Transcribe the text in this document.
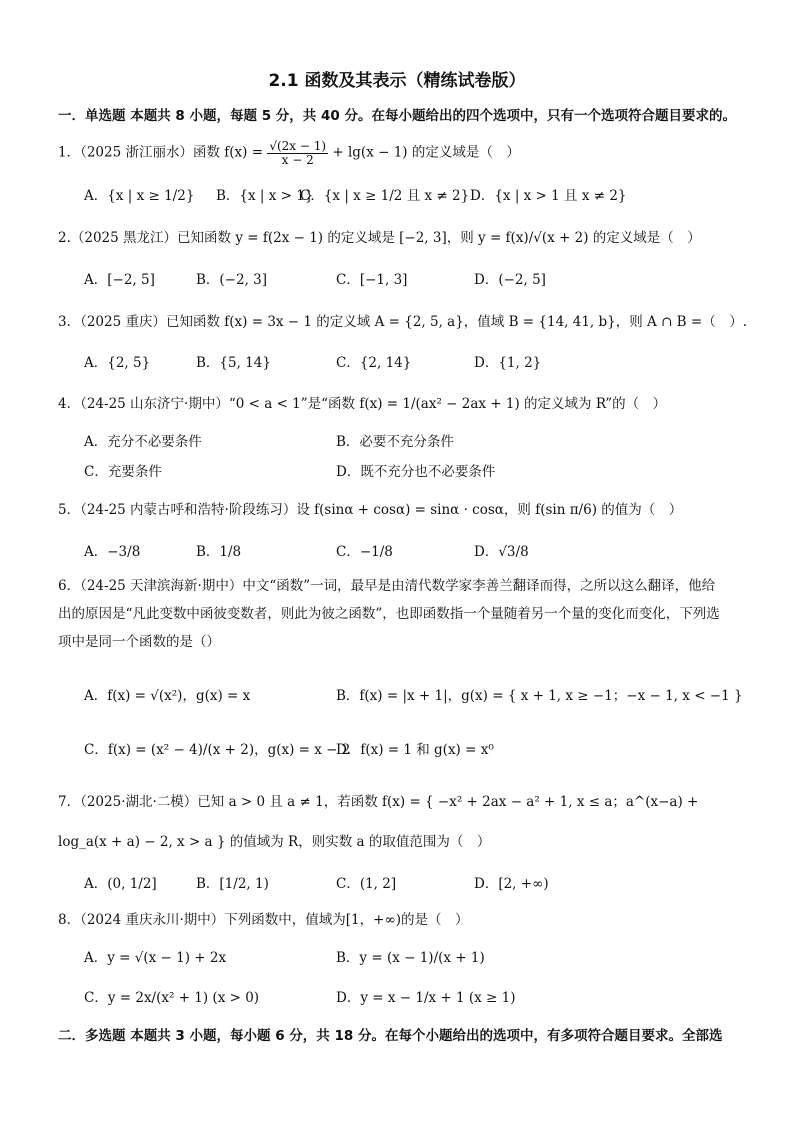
2.1 函数及其表示（精练试卷版）
一．单选题 本题共 8 小题，每题 5 分，共 40 分。在每小题给出的四个选项中，只有一个选项符合题目要求的。
1．（2025 浙江丽水）函数 $f(x) = \frac{√(2x - 1)}{x - 2} + \lg(x - 1)$ 的定义域是（　）
A．{x | x ≥ 1/2} B．{x | x > 1}
C．{x | x ≥ 1/2 且 x ≠ 2} D．{x | x > 1 且 x ≠ 2}
2.（2025 黑龙江）已知函数 y = f(2x − 1) 的定义域是 [−2, 3]，则 y = f(x)/√(x + 2) 的定义域是（　）
A．[−2, 5]	B．(−2, 3]	C．[−1, 3]	D．(−2, 5]
3．（2025 重庆）已知函数 f(x) = 3x − 1 的定义域 A = {2, 5, a}，值域 B = {14, 41, b}，则 A ∩ B =（　）.
A．{2, 5}	B．{5, 14}	C．{2, 14}	D．{1, 2}
4．（24-25 山东济宁·期中）“0 < a < 1”是“函数 f(x) = 1/(ax² − 2ax + 1) 的定义域为 R”的（　）
A．充分不必要条件	B．必要不充分条件
C．充要条件	D．既不充分也不必要条件
5．（24-25 内蒙古呼和浩特·阶段练习）设 f(sinα + cosα) = sinα · cosα，则 f(sin π/6) 的值为（　）
A．−3/8	B．1/8	C．−1/8	D．√3/8
6．（24-25 天津滨海新·期中）中文“函数”一词，最早是由清代数学家李善兰翻译而得，之所以这么翻译，他给出的原因是“凡此变数中函彼变数者，则此为彼之函数”，也即函数指一个量随着另一个量的变化而变化，下列选项中是同一个函数的是（）
A．f(x) = √(x²)，g(x) = x	B．f(x) = |x + 1|，g(x) = { x + 1, x ≥ −1；−x − 1, x < −1 }
C．f(x) = (x² − 4)/(x + 2)，g(x) = x − 2
D．f(x) = 1 和 g(x) = x⁰
7．（2025·湖北·二模）已知 a > 0 且 a ≠ 1，若函数 f(x) = { −x² + 2ax − a² + 1, x ≤ a；a^(x−a) + log_a(x + a) − 2, x > a } 的值域为 R，则实数 a 的取值范围为（　）
A．(0, 1/2]	B．[1/2, 1)	C．(1, 2]	D．[2, +∞)
8．（2024 重庆永川·期中）下列函数中，值域为[1，+∞)的是（　）
A．y = √(x − 1) + 2x	B．y = (x − 1)/(x + 1)
C．y = 2x/(x² + 1) (x > 0)	D．y = x − 1/x + 1 (x ≥ 1)
二．多选题 本题共 3 小题，每小题 6 分，共 18 分。在每个小题给出的选项中，有多项符合题目要求。全部选
